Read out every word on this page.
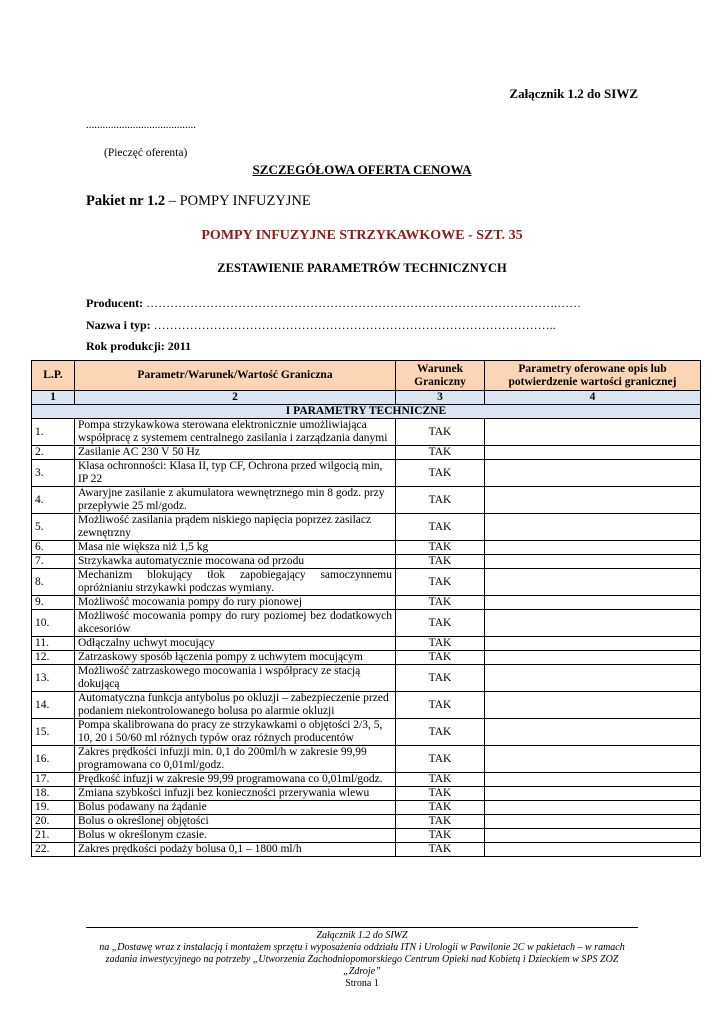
Załącznik 1.2 do SIWZ
........................................
(Pieczęć oferenta)
SZCZEGÓŁOWA OFERTA CENOWA
Pakiet nr 1.2 – POMPY INFUZYJNE
POMPY INFUZYJNE STRZYKAWKOWE - SZT. 35
ZESTAWIENIE PARAMETRÓW TECHNICZNYCH
Producent: ………………………………………………………………………………………….……
Nazwa i typ: ………………………………………………………………………………………..
Rok produkcji: 2011
L.P.	Parametr/Warunek/Wartość Graniczna	Warunek Graniczny	Parametry oferowane opis lub potwierdzenie wartości granicznej
1	2	3	4
I PARAMETRY TECHNICZNE			
1.	Pompa strzykawkowa sterowana elektronicznie umożliwiająca współpracę z systemem centralnego zasilania i zarządzania danymi	TAK	
2.	Zasilanie AC 230 V 50 Hz	TAK	
3.	Klasa ochronności: Klasa II, typ CF, Ochrona przed wilgocią min, IP 22	TAK	
4.	Awaryjne zasilanie z akumulatora wewnętrznego min 8 godz. przy przepływie 25 ml/godz.	TAK	
5.	Możliwość zasilania prądem niskiego napięcia poprzez zasilacz zewnętrzny	TAK	
6.	Masa nie większa niż 1,5 kg	TAK	
7.	Strzykawka automatycznie mocowana od przodu	TAK	
8.	Mechanizm blokujący tłok zapobiegający samoczynnemu opróżnianiu strzykawki podczas wymiany.	TAK	
9.	Możliwość mocowania pompy do rury pionowej	TAK	
10.	Możliwość mocowania pompy do rury poziomej bez dodatkowych akcesoriów	TAK	
11.	Odłączalny uchwyt mocujący	TAK	
12.	Zatrzaskowy sposób łączenia pompy z uchwytem mocującym	TAK	
13.	Możliwość zatrzaskowego mocowania i współpracy ze stacją dokującą	TAK	
14.	Automatyczna funkcja antybolus po okluzji – zabezpieczenie przed podaniem niekontrolowanego bolusa po alarmie okluzji	TAK	
15.	Pompa skalibrowana do pracy ze strzykawkami o objętości 2/3, 5, 10, 20 i 50/60 ml różnych typów oraz różnych producentów	TAK	
16.	Zakres prędkości infuzji min. 0,1 do 200ml/h w zakresie 99,99 programowana co 0,01ml/godz.	TAK	
17.	Prędkość infuzji w zakresie 99,99 programowana co 0,01ml/godz.	TAK	
18.	Zmiana szybkości infuzji bez konieczności przerywania wlewu	TAK	
19.	Bolus podawany na żądanie	TAK	
20.	Bolus o określonej objętości	TAK	
21.	Bolus w określonym czasie.	TAK	
22.	Zakres prędkości podaży bolusa 0,1 – 1800 ml/h	TAK	
Załącznik 1.2 do SIWZ
na „Dostawę wraz z instalacją i montażem sprzętu i wyposażenia oddziału ITN i Urologii w Pawilonie 2C w pakietach – w ramach zadania inwestycyjnego na potrzeby „Utworzenia Zachodniopomorskiego Centrum Opieki nad Kobietą i Dzieckiem w SPS ZOZ „Zdroje”
Strona 1
